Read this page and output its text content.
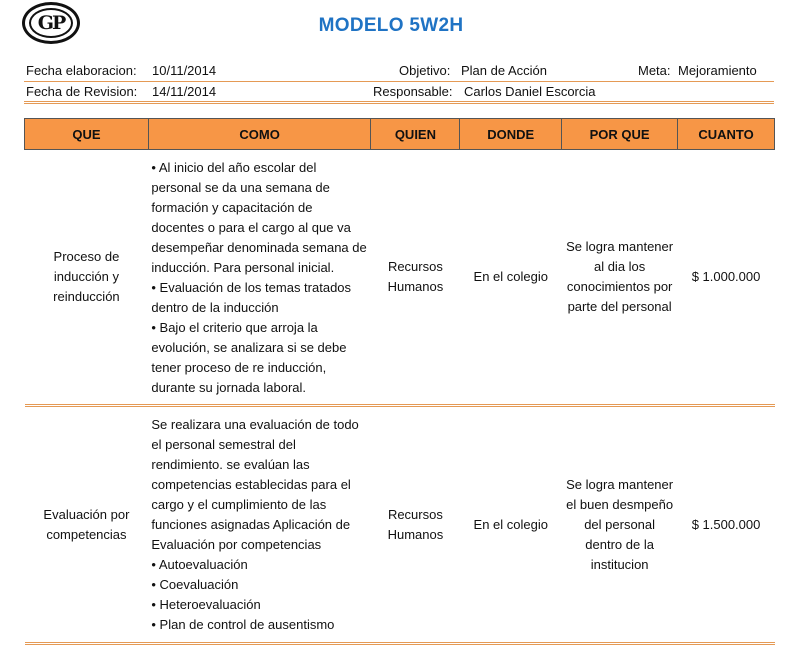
GP	MODELO 5W2H
Fecha elaboracion: 10/11/2014	Objetivo: Plan de Acción	Meta: Mejoramiento
Fecha de Revision: 14/11/2014	Responsable: Carlos Daniel Escorcia
QUE	COMO	QUIEN	DONDE	POR QUE	CUANTO
Proceso de inducción y reinducción	• Al inicio del año escolar del personal se da una semana de formación y capacitación de docentes o para el cargo al que va desempeñar denominada semana de inducción. Para personal inicial.
• Evaluación de los temas tratados dentro de la inducción
• Bajo el criterio que arroja la evolución, se analizara si se debe tener proceso de re inducción, durante su jornada laboral.	Recursos Humanos	En el colegio	Se logra mantener al dia los conocimientos por parte del personal	$ 1.000.000
Evaluación por competencias	Se realizara una evaluación de todo el personal semestral del rendimiento. se evalúan las competencias establecidas para el cargo y el cumplimiento de las funciones asignadas Aplicación de Evaluación por competencias
• Autoevaluación
• Coevaluación
• Heteroevaluación
• Plan de control de ausentismo	Recursos Humanos	En el colegio	Se logra mantener el buen desmpeño del personal dentro de la institucion	$ 1.500.000
